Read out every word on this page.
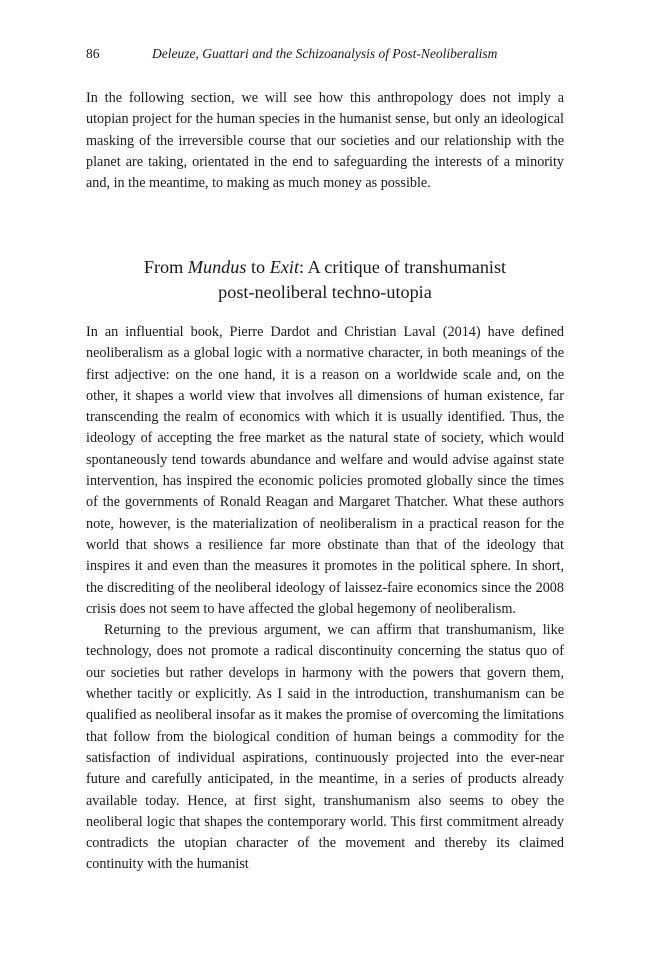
86	Deleuze, Guattari and the Schizoanalysis of Post-Neoliberalism

In the following section, we will see how this anthropology does not imply a utopian project for the human species in the humanist sense, but only an ideological masking of the irreversible course that our societies and our relationship with the planet are taking, orientated in the end to safeguarding the interests of a minority and, in the meantime, to making as much money as possible.

From Mundus to Exit: A critique of transhumanist
post-neoliberal techno-utopia

In an influential book, Pierre Dardot and Christian Laval (2014) have defined neoliberalism as a global logic with a normative character, in both meanings of the first adjective: on the one hand, it is a reason on a worldwide scale and, on the other, it shapes a world view that involves all dimensions of human existence, far transcending the realm of economics with which it is usually identified. Thus, the ideology of accepting the free market as the natural state of society, which would spontaneously tend towards abundance and welfare and would advise against state intervention, has inspired the economic policies promoted globally since the times of the governments of Ronald Reagan and Margaret Thatcher. What these authors note, however, is the materialization of neoliberalism in a practical reason for the world that shows a resilience far more obstinate than that of the ideology that inspires it and even than the measures it promotes in the political sphere. In short, the discrediting of the neoliberal ideology of laissez-faire economics since the 2008 crisis does not seem to have affected the global hegemony of neoliberalism.

Returning to the previous argument, we can affirm that transhumanism, like technology, does not promote a radical discontinuity concerning the status quo of our societies but rather develops in harmony with the powers that govern them, whether tacitly or explicitly. As I said in the introduction, transhumanism can be qualified as neoliberal insofar as it makes the promise of overcoming the limitations that follow from the biological condition of human beings a commodity for the satisfaction of individual aspirations, continuously projected into the ever-near future and carefully anticipated, in the meantime, in a series of products already available today. Hence, at first sight, transhumanism also seems to obey the neoliberal logic that shapes the contemporary world. This first commitment already contradicts the utopian character of the movement and thereby its claimed continuity with the humanist
